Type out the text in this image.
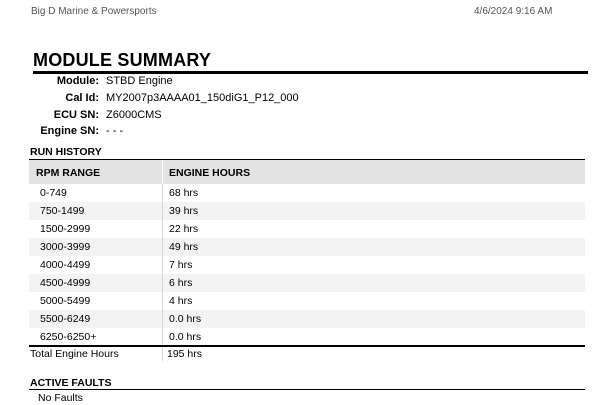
Big D Marine & Powersports	4/6/2024 9:16 AM
MODULE SUMMARY
Module: STBD Engine
Cal Id: MY2007p3AAAA01_150diG1_P12_000
ECU SN: Z6000CMS
Engine SN: - - -
RUN HISTORY
RPM RANGE	ENGINE HOURS
0-749	68 hrs
750-1499	39 hrs
1500-2999	22 hrs
3000-3999	49 hrs
4000-4499	7 hrs
4500-4999	6 hrs
5000-5499	4 hrs
5500-6249	0.0 hrs
6250-6250+	0.0 hrs
Total Engine Hours	195 hrs
ACTIVE FAULTS
No Faults
